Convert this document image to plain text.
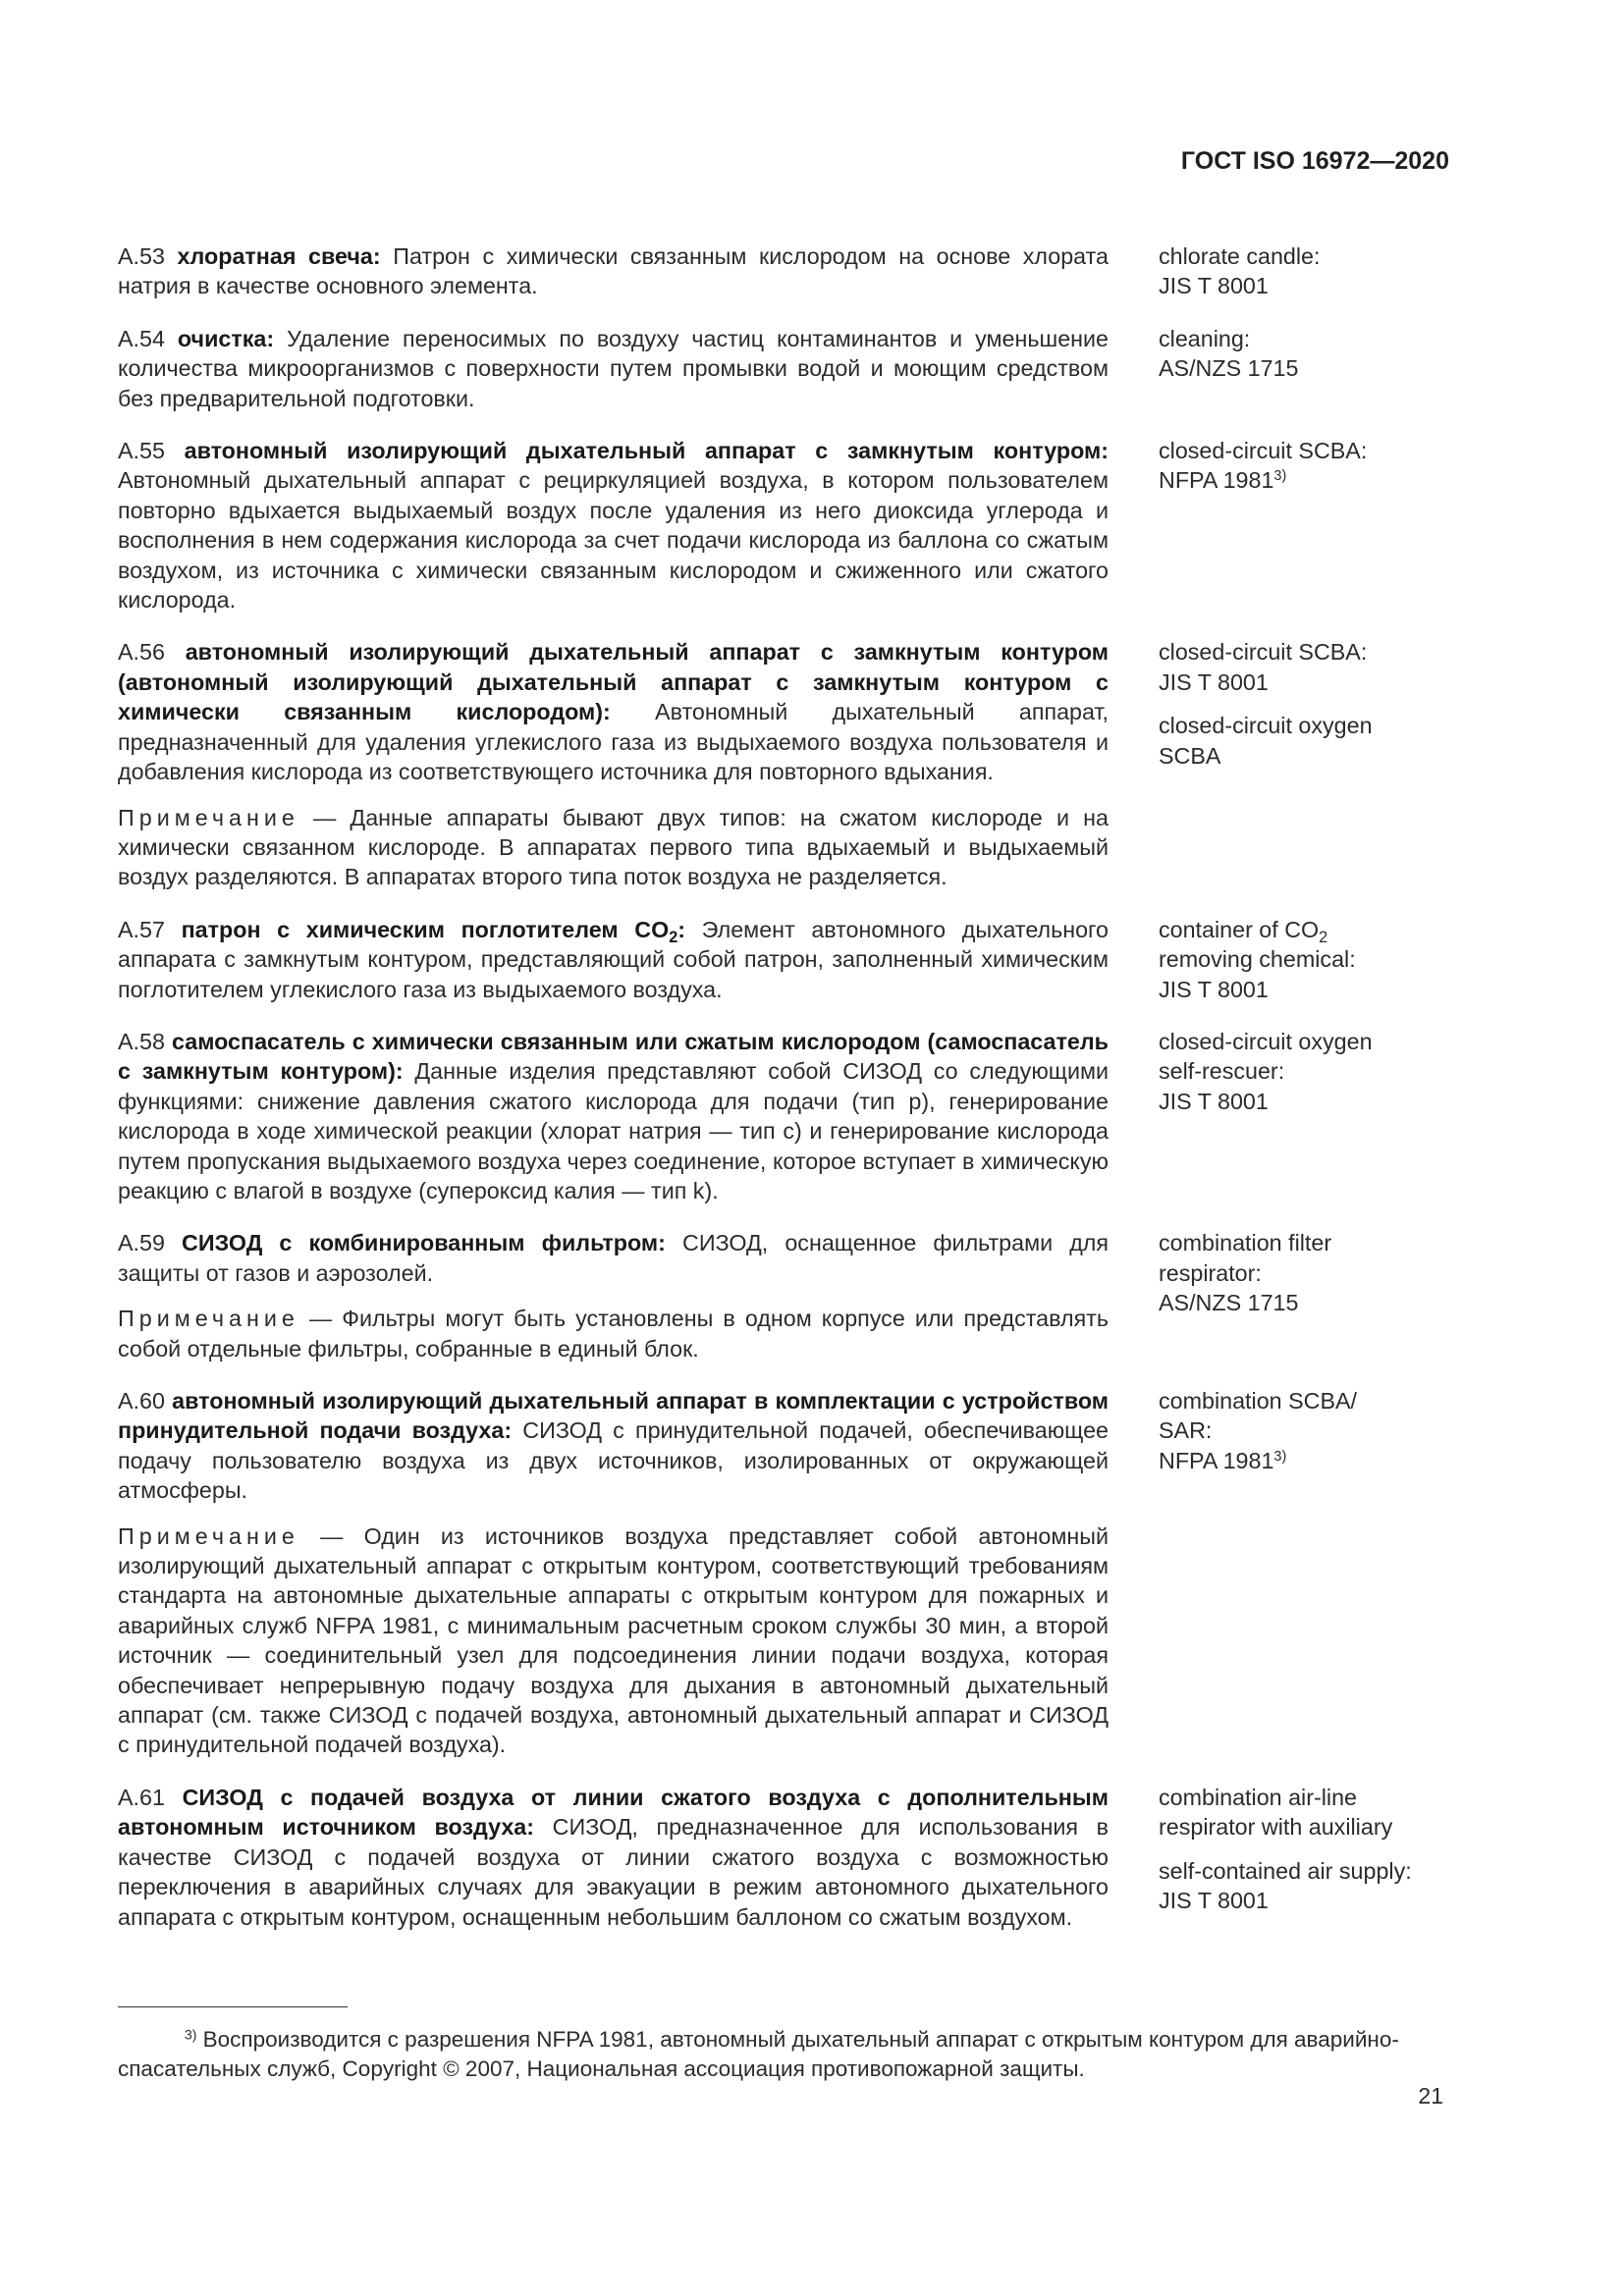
ГОСТ ISO 16972—2020

A.53 хлоратная свеча: Патрон с химически связанным кислородом на основе хлората натрия в качестве основного элемента.

chlorate candle:
JIS T 8001

A.54 очистка: Удаление переносимых по воздуху частиц контаминантов и уменьшение количества микроорганизмов с поверхности путем промывки водой и моющим средством без предварительной подготовки.

cleaning:
AS/NZS 1715

A.55 автономный изолирующий дыхательный аппарат с замкнутым контуром: Автономный дыхательный аппарат с рециркуляцией воздуха, в котором пользователем повторно вдыхается выдыхаемый воздух после удаления из него диоксида углерода и восполнения в нем содержания кислорода за счет подачи кислорода из баллона со сжатым воздухом, из источника с химически связанным кислородом и сжиженного или сжатого кислорода.

closed-circuit SCBA:
NFPA 1981$^{3)}$

A.56 автономный изолирующий дыхательный аппарат с замкнутым контуром (автономный изолирующий дыхательный аппарат с замкнутым контуром с химически связанным кислородом): Автономный дыхательный аппарат, предназначенный для удаления углекислого газа из выдыхаемого воздуха пользователя и добавления кислорода из соответствующего источника для повторного вдыхания.

Примечание — Данные аппараты бывают двух типов: на сжатом кислороде и на химически связанном кислороде. В аппаратах первого типа вдыхаемый и выдыхаемый воздух разделяются. В аппаратах второго типа поток воздуха не разделяется.

closed-circuit SCBA:
JIS T 8001

closed-circuit oxygen SCBA

A.57 патрон с химическим поглотителем $CO_2$: Элемент автономного дыхательного аппарата с замкнутым контуром, представляющий собой патрон, заполненный химическим поглотителем углекислого газа из выдыхаемого воздуха.

container of $CO_2$
removing chemical:
JIS T 8001

A.58 самоспасатель с химически связанным или сжатым кислородом (самоспасатель с замкнутым контуром): Данные изделия представляют собой СИЗОД со следующими функциями: снижение давления сжатого кислорода для подачи (тип р), генерирование кислорода в ходе химической реакции (хлорат натрия — тип с) и генерирование кислорода путем пропускания выдыхаемого воздуха через соединение, которое вступает в химическую реакцию с влагой в воздухе (супероксид калия — тип k).

closed-circuit oxygen
self-rescuer:
JIS T 8001

A.59 СИЗОД с комбинированным фильтром: СИЗОД, оснащенное фильтрами для защиты от газов и аэрозолей.

Примечание — Фильтры могут быть установлены в одном корпусе или представлять собой отдельные фильтры, собранные в единый блок.

combination filter
respirator:
AS/NZS 1715

A.60 автономный изолирующий дыхательный аппарат в комплектации с устройством принудительной подачи воздуха: СИЗОД с принудительной подачей, обеспечивающее подачу пользователю воздуха из двух источников, изолированных от окружающей атмосферы.

Примечание — Один из источников воздуха представляет собой автономный изолирующий дыхательный аппарат с открытым контуром, соответствующий требованиям стандарта на автономные дыхательные аппараты с открытым контуром для пожарных и аварийных служб NFPA 1981, с минимальным расчетным сроком службы 30 мин, а второй источник — соединительный узел для подсоединения линии подачи воздуха, которая обеспечивает непрерывную подачу воздуха для дыхания в автономный дыхательный аппарат (см. также СИЗОД с подачей воздуха, автономный дыхательный аппарат и СИЗОД с принудительной подачей воздуха).

combination SCBA/
SAR:
NFPA 1981$^{3)}$

A.61 СИЗОД с подачей воздуха от линии сжатого воздуха с дополнительным автономным источником воздуха: СИЗОД, предназначенное для использования в качестве СИЗОД с подачей воздуха от линии сжатого воздуха с возможностью переключения в аварийных случаях для эвакуации в режим автономного дыхательного аппарата с открытым контуром, оснащенным небольшим баллоном со сжатым воздухом.

combination air-line
respirator with auxiliary

self-contained air supply: JIS T 8001

$^{3)}$ Воспроизводится с разрешения NFPA 1981, автономный дыхательный аппарат с открытым контуром для аварийно-спасательных служб, Copyright © 2007, Национальная ассоциация противопожарной защиты.
21
